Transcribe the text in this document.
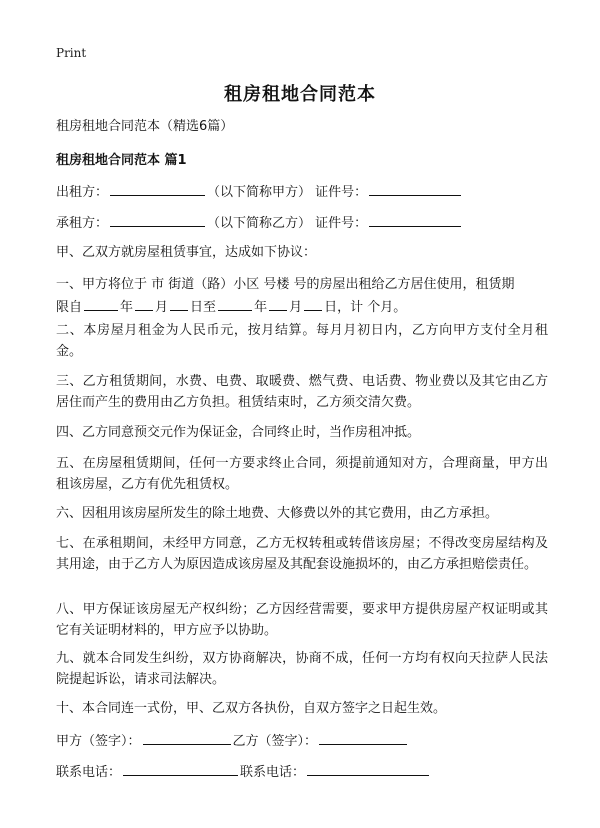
Print
租房租地合同范本
租房租地合同范本（精选6篇）
租房租地合同范本 篇1
出租方：	（以下简称甲方） 证件号：
承租方：	（以下简称乙方） 证件号：
甲、乙双方就房屋租赁事宜，达成如下协议：
一、甲方将位于 市 街道（路）小区 号楼 号的房屋出租给乙方居住使用，租赁期
限自	年 月 日至	年 月 日，计 个月。
二、本房屋月租金为人民币元，按月结算。每月月初日内，乙方向甲方支付全月租金。
三、乙方租赁期间，水费、电费、取暖费、燃气费、电话费、物业费以及其它由乙方居住而产生的费用由乙方负担。租赁结束时，乙方须交清欠费。
四、乙方同意预交元作为保证金，合同终止时，当作房租冲抵。
五、在房屋租赁期间，任何一方要求终止合同，须提前通知对方，合理商量，甲方出租该房屋，乙方有优先租赁权。
六、因租用该房屋所发生的除土地费、大修费以外的其它费用，由乙方承担。
七、在承租期间，未经甲方同意，乙方无权转租或转借该房屋；不得改变房屋结构及其用途，由于乙方人为原因造成该房屋及其配套设施损坏的，由乙方承担赔偿责任。
八、甲方保证该房屋无产权纠纷；乙方因经营需要，要求甲方提供房屋产权证明或其它有关证明材料的，甲方应予以协助。
九、就本合同发生纠纷，双方协商解决，协商不成，任何一方均有权向天拉萨人民法院提起诉讼，请求司法解决。
十、本合同连一式份，甲、乙双方各执份，自双方签字之日起生效。
甲方（签字）：	乙方（签字）：
联系电话：	联系电话：
